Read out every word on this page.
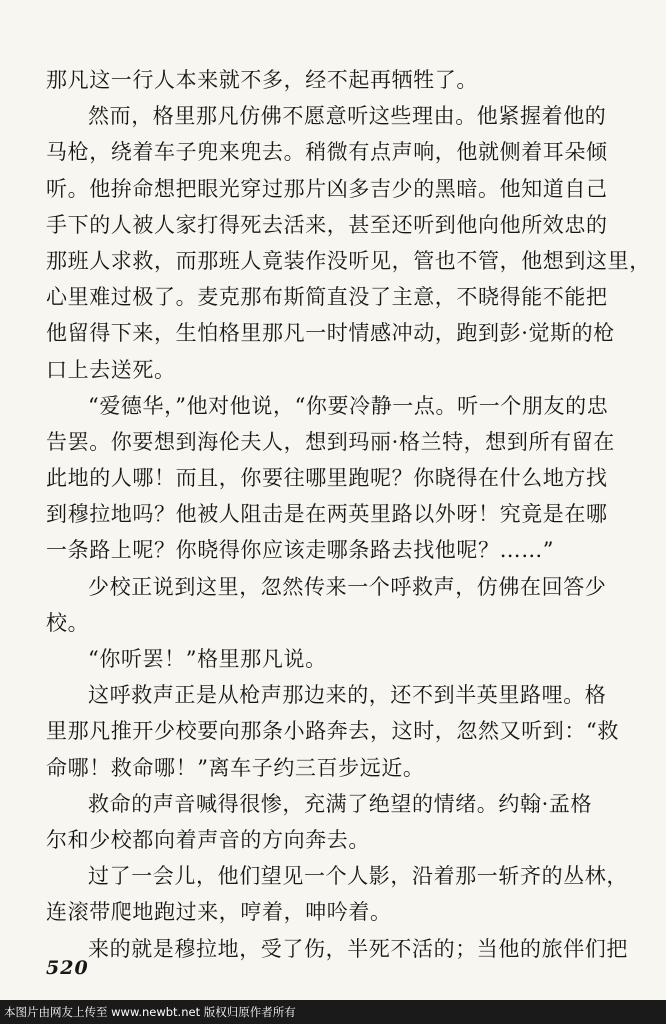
那凡这一行人本来就不多，经不起再牺牲了。
然而，格里那凡仿佛不愿意听这些理由。他紧握着他的
马枪，绕着车子兜来兜去。稍微有点声响，他就侧着耳朵倾
听。他拚命想把眼光穿过那片凶多吉少的黑暗。他知道自己
手下的人被人家打得死去活来，甚至还听到他向他所效忠的
那班人求救，而那班人竟装作没听见，管也不管，他想到这里，
心里难过极了。麦克那布斯简直没了主意，不晓得能不能把
他留得下来，生怕格里那凡一时情感冲动，跑到彭·觉斯的枪
口上去送死。
“爱德华，”他对他说，“你要冷静一点。听一个朋友的忠
告罢。你要想到海伦夫人，想到玛丽·格兰特，想到所有留在
此地的人哪！而且，你要往哪里跑呢？你晓得在什么地方找
到穆拉地吗？他被人阻击是在两英里路以外呀！究竟是在哪
一条路上呢？你晓得你应该走哪条路去找他呢？……”
少校正说到这里，忽然传来一个呼救声，仿佛在回答少
校。
“你听罢！”格里那凡说。
这呼救声正是从枪声那边来的，还不到半英里路哩。格
里那凡推开少校要向那条小路奔去，这时，忽然又听到：“救
命哪！救命哪！”离车子约三百步远近。
救命的声音喊得很惨，充满了绝望的情绪。约翰·孟格
尔和少校都向着声音的方向奔去。
过了一会儿，他们望见一个人影，沿着那一斩齐的丛林，
连滚带爬地跑过来，哼着，呻吟着。
来的就是穆拉地，受了伤，半死不活的；当他的旅伴们把
520
本图片由网友上传至 www.newbt.net 版权归原作者所有
